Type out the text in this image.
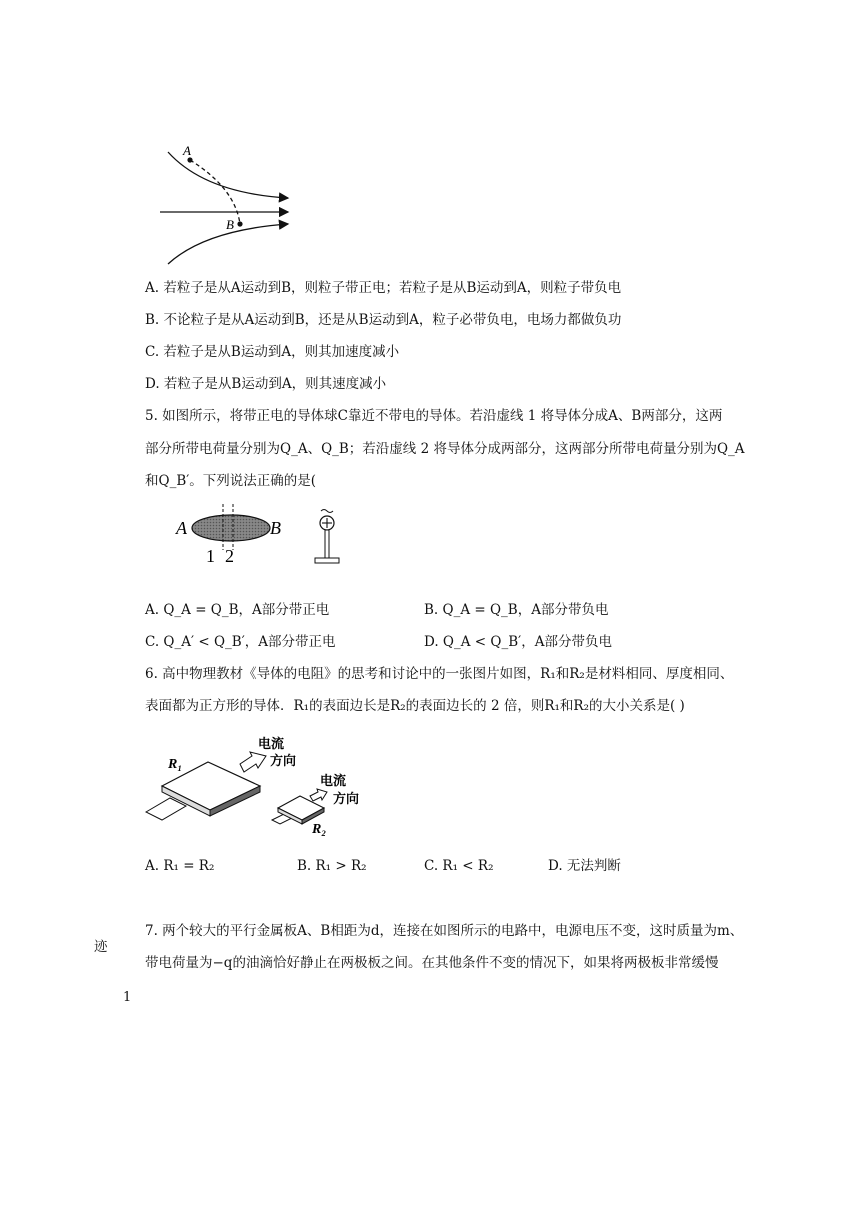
A
B
A. 若粒子是从A运动到B，则粒子带正电；若粒子是从B运动到A，则粒子带负电
B. 不论粒子是从A运动到B，还是从B运动到A，粒子必带负电，电场力都做负功
C. 若粒子是从B运动到A，则其加速度减小
D. 若粒子是从B运动到A，则其速度减小
5. 如图所示，将带正电的导体球C靠近不带电的导体。若沿虚线 1 将导体分成A、B两部分，这两
部分所带电荷量分别为Q_A、Q_B；若沿虚线 2 将导体分成两部分，这两部分所带电荷量分别为Q_A
和Q_B′。下列说法正确的是(
A	B
1 2
A. Q_A = Q_B，A部分带正电	B. Q_A = Q_B，A部分带负电
C. Q_A′ < Q_B′，A部分带正电	D. Q_A < Q_B′，A部分带负电
6. 高中物理教材《导体的电阻》的思考和讨论中的一张图片如图，R₁和R₂是材料相同、厚度相同、
表面都为正方形的导体．R₁的表面边长是R₂的表面边长的 2 倍，则R₁和R₂的大小关系是( )
R₁
电流
方向
R₂
电流
方向
A. R₁ = R₂	B. R₁ > R₂	C. R₁ < R₂	D. 无法判断
7. 两个较大的平行金属板A、B相距为d，连接在如图所示的电路中，电源电压不变，这时质量为m、
带电荷量为−q的油滴恰好静止在两极板之间。在其他条件不变的情况下，如果将两极板非常缓慢
迹
1
